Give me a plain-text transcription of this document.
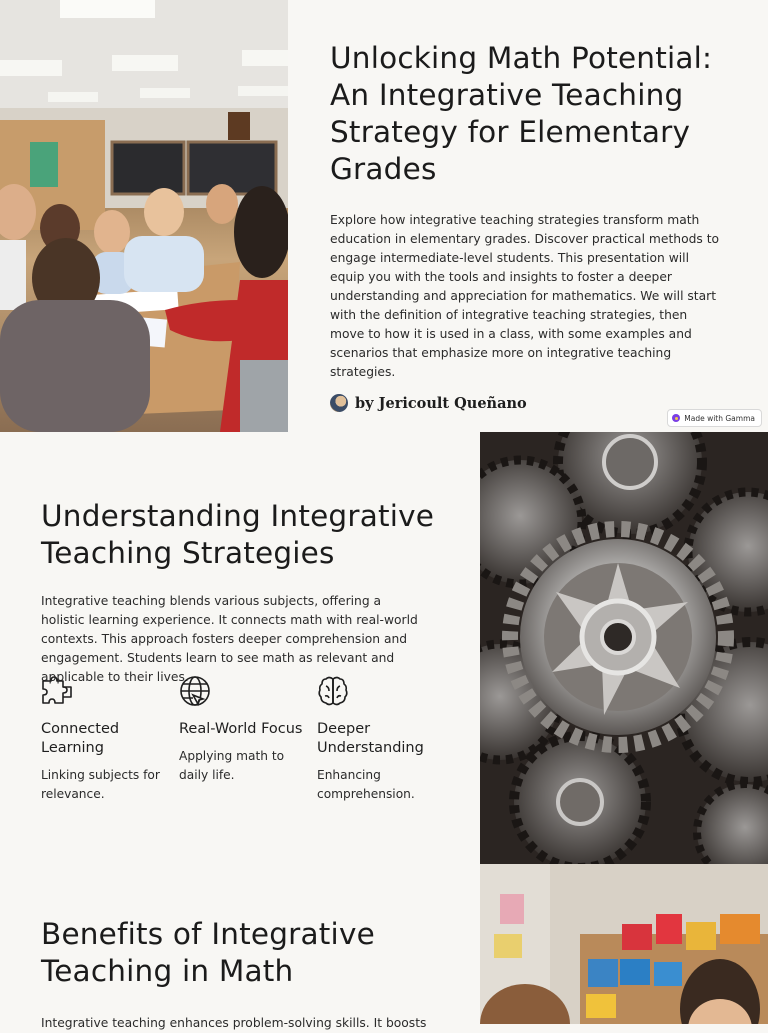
Unlocking Math Potential: An Integrative Teaching Strategy for Elementary Grades

Explore how integrative teaching strategies transform math education in elementary grades. Discover practical methods to engage intermediate-level students. This presentation will equip you with the tools and insights to foster a deeper understanding and appreciation for mathematics. We will start with the definition of integrative teaching strategies, then move to how it is used in a class, with some examples and scenarios that emphasize more on integrative teaching strategies.

by Jericoult Queñano
Made with Gamma
Understanding Integrative Teaching Strategies

Integrative teaching blends various subjects, offering a holistic learning experience. It connects math with real-world contexts. This approach fosters deeper comprehension and engagement. Students learn to see math as relevant and applicable to their lives.

Connected Learning
Linking subjects for relevance.
Real-World Focus
Applying math to daily life.
Deeper Understanding
Enhancing comprehension.
Benefits of Integrative Teaching in Math

Integrative teaching enhances problem-solving skills. It boosts
